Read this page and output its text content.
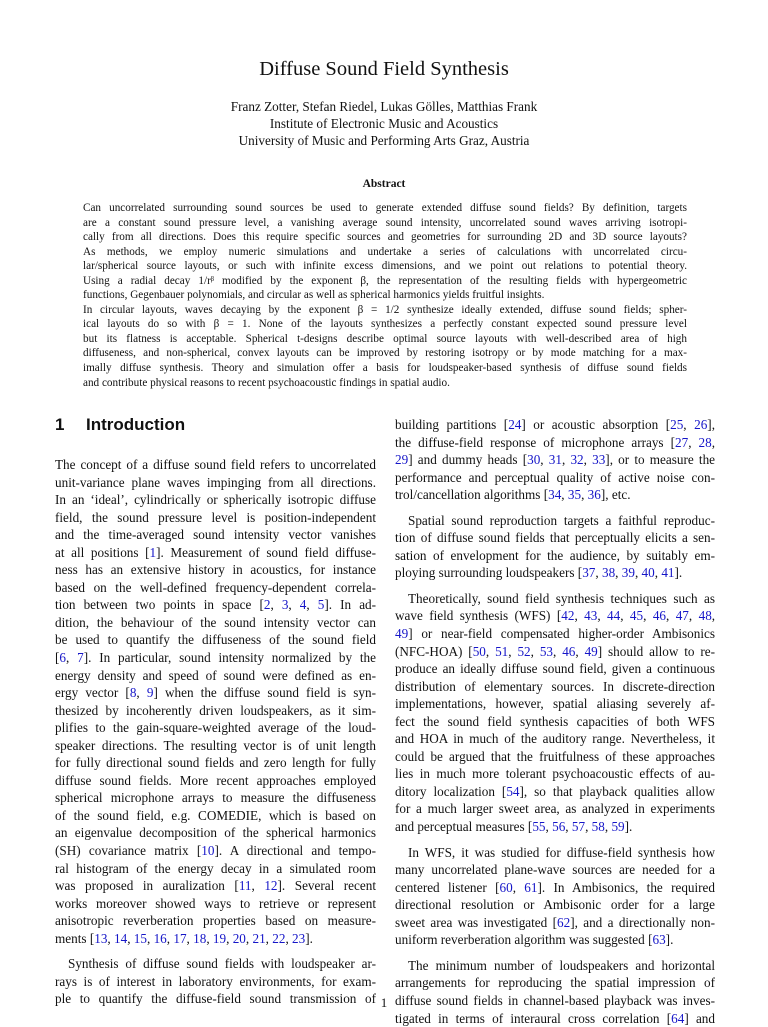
Diffuse Sound Field Synthesis
Franz Zotter, Stefan Riedel, Lukas Gölles, Matthias Frank
Institute of Electronic Music and Acoustics
University of Music and Performing Arts Graz, Austria
Abstract
Can uncorrelated surrounding sound sources be used to generate extended diffuse sound fields? By definition, targets
are a constant sound pressure level, a vanishing average sound intensity, uncorrelated sound waves arriving isotropi-
cally from all directions. Does this require specific sources and geometries for surrounding 2D and 3D source layouts?
As methods, we employ numeric simulations and undertake a series of calculations with uncorrelated circu-
lar/spherical source layouts, or such with infinite excess dimensions, and we point out relations to potential theory.
Using a radial decay 1/rᵝ modified by the exponent β, the representation of the resulting fields with hypergeometric
functions, Gegenbauer polynomials, and circular as well as spherical harmonics yields fruitful insights.
In circular layouts, waves decaying by the exponent β = 1/2 synthesize ideally extended, diffuse sound fields; spher-
ical layouts do so with β = 1. None of the layouts synthesizes a perfectly constant expected sound pressure level
but its flatness is acceptable. Spherical t-designs describe optimal source layouts with well-described area of high
diffuseness, and non-spherical, convex layouts can be improved by restoring isotropy or by mode matching for a max-
imally diffuse synthesis. Theory and simulation offer a basis for loudspeaker-based synthesis of diffuse sound fields
and contribute physical reasons to recent psychoacoustic findings in spatial audio.
1 Introduction
The concept of a diffuse sound field refers to uncorrelated
unit-variance plane waves impinging from all directions.
In an ‘ideal’, cylindrically or spherically isotropic diffuse
field, the sound pressure level is position-independent
and the time-averaged sound intensity vector vanishes
at all positions [1]. Measurement of sound field diffuse-
ness has an extensive history in acoustics, for instance
based on the well-defined frequency-dependent correla-
tion between two points in space [2, 3, 4, 5]. In ad-
dition, the behaviour of the sound intensity vector can
be used to quantify the diffuseness of the sound field
[6, 7]. In particular, sound intensity normalized by the
energy density and speed of sound were defined as en-
ergy vector [8, 9] when the diffuse sound field is syn-
thesized by incoherently driven loudspeakers, as it sim-
plifies to the gain-square-weighted average of the loud-
speaker directions. The resulting vector is of unit length
for fully directional sound fields and zero length for fully
diffuse sound fields. More recent approaches employed
spherical microphone arrays to measure the diffuseness
of the sound field, e.g. COMEDIE, which is based on
an eigenvalue decomposition of the spherical harmonics
(SH) covariance matrix [10]. A directional and tempo-
ral histogram of the energy decay in a simulated room
was proposed in auralization [11, 12]. Several recent
works moreover showed ways to retrieve or represent
anisotropic reverberation properties based on measure-
ments [13, 14, 15, 16, 17, 18, 19, 20, 21, 22, 23].
Synthesis of diffuse sound fields with loudspeaker ar-
rays is of interest in laboratory environments, for exam-
ple to quantify the diffuse-field sound transmission of
building partitions [24] or acoustic absorption [25, 26],
the diffuse-field response of microphone arrays [27, 28,
29] and dummy heads [30, 31, 32, 33], or to measure the
performance and perceptual quality of active noise con-
trol/cancellation algorithms [34, 35, 36], etc.
Spatial sound reproduction targets a faithful reproduc-
tion of diffuse sound fields that perceptually elicits a sen-
sation of envelopment for the audience, by suitably em-
ploying surrounding loudspeakers [37, 38, 39, 40, 41].
Theoretically, sound field synthesis techniques such as
wave field synthesis (WFS) [42, 43, 44, 45, 46, 47, 48,
49] or near-field compensated higher-order Ambisonics
(NFC-HOA) [50, 51, 52, 53, 46, 49] should allow to re-
produce an ideally diffuse sound field, given a continuous
distribution of elementary sources. In discrete-direction
implementations, however, spatial aliasing severely af-
fect the sound field synthesis capacities of both WFS
and HOA in much of the auditory range. Nevertheless, it
could be argued that the fruitfulness of these approaches
lies in much more tolerant psychoacoustic effects of au-
ditory localization [54], so that playback qualities allow
for a much larger sweet area, as analyzed in experiments
and perceptual measures [55, 56, 57, 58, 59].
In WFS, it was studied for diffuse-field synthesis how
many uncorrelated plane-wave sources are needed for a
centered listener [60, 61]. In Ambisonics, the required
directional resolution or Ambisonic order for a large
sweet area was investigated [62], and a directionally non-
uniform reverberation algorithm was suggested [63].
The minimum number of loudspeakers and horizontal
arrangements for reproducing the spatial impression of
diffuse sound fields in channel-based playback was inves-
tigated in terms of interaural cross correlation [64] and
1
